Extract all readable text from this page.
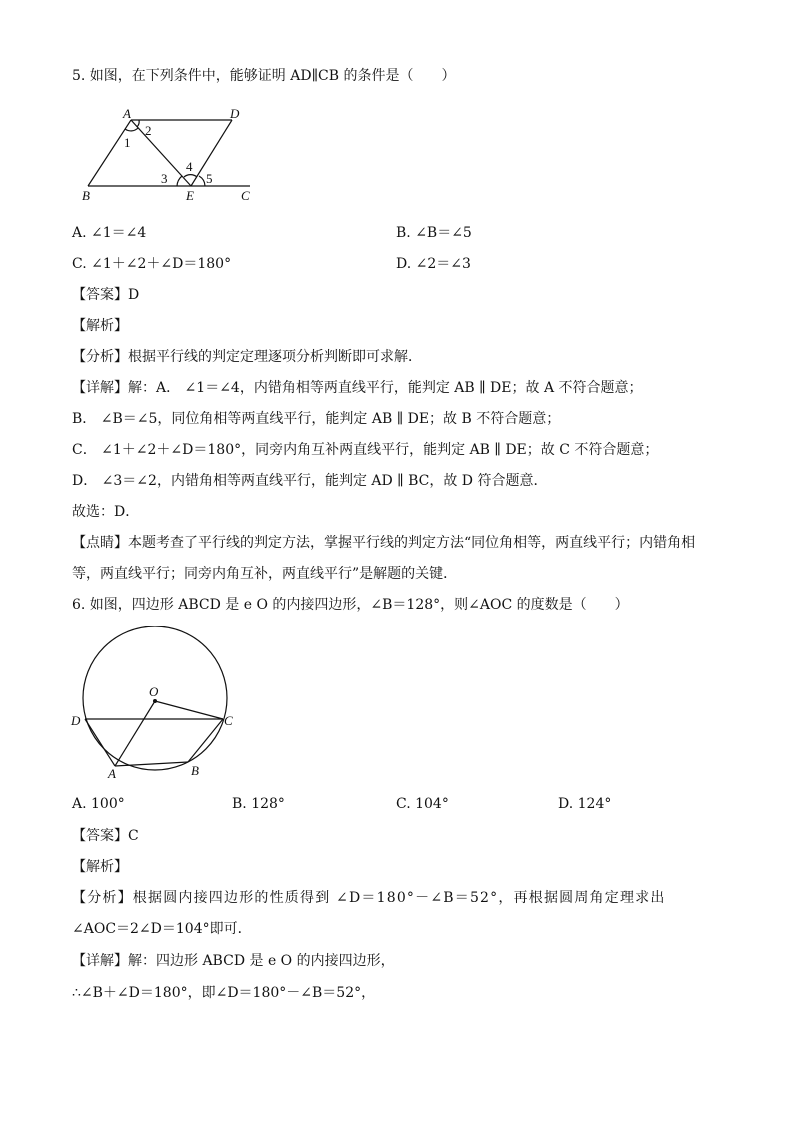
5. 如图，在下列条件中，能够证明 AD∥CB 的条件是（　　）
A	D
B	E	C
1
2
3
4
5
A. ∠1＝∠4	B. ∠B＝∠5
C. ∠1＋∠2＋∠D＝180°	D. ∠2＝∠3
【答案】D
【解析】
【分析】根据平行线的判定定理逐项分析判断即可求解．
【详解】解：A． ∠1＝∠4，内错角相等两直线平行，能判定 AB ∥ DE；故 A 不符合题意；
B． ∠B＝∠5，同位角相等两直线平行，能判定 AB ∥ DE；故 B 不符合题意；
C． ∠1＋∠2＋∠D＝180°，同旁内角互补两直线平行，能判定 AB ∥ DE；故 C 不符合题意；
D． ∠3＝∠2，内错角相等两直线平行，能判定 AD ∥ BC，故 D 符合题意．
故选：D．
【点睛】本题考查了平行线的判定方法，掌握平行线的判定方法“同位角相等，两直线平行；内错角相
等，两直线平行；同旁内角互补，两直线平行”是解题的关键．
6. 如图，四边形 ABCD 是 e O 的内接四边形，∠B＝128°，则∠AOC 的度数是（　　）
O
D	C
A	B
A. 100°	B. 128°	C. 104°	D. 124°
【答案】C
【解析】
【分析】根据圆内接四边形的性质得到 ∠D＝180°－∠B＝52°，再根据圆周角定理求出
∠AOC＝2∠D＝104°即可．
【详解】解：四边形 ABCD 是 e O 的内接四边形，
∴∠B＋∠D＝180°，即∠D＝180°－∠B＝52°，
